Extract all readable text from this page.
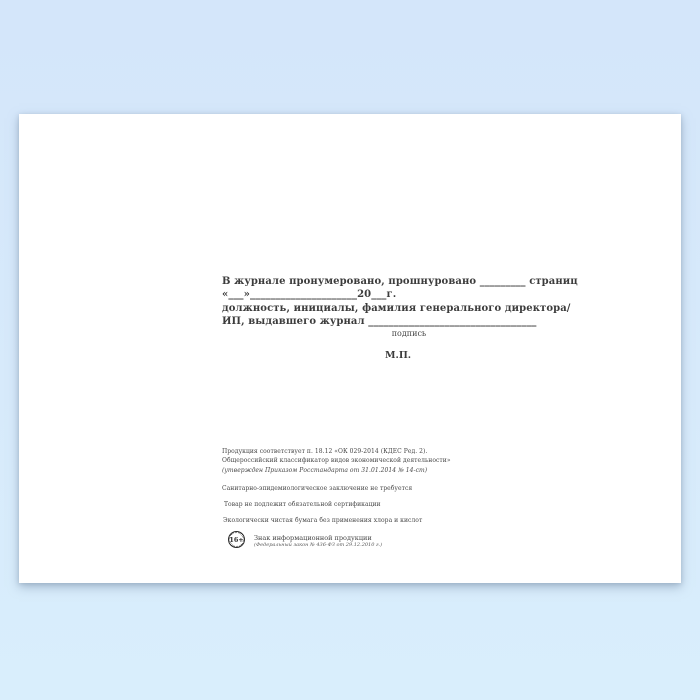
В журнале пронумеровано, прошнуровано _________ страниц
«___»_____________________20___г.
должность, инициалы, фамилия генерального директора/
ИП, выдавшего журнал _________________________________
подпись
М.П.
Продукция соответствует п. 18.12 «ОК 029-2014 (КДЕС Ред. 2).
Общероссийский классификатор видов экономической деятельности»
(утвержден Приказом Росстандарта от 31.01.2014 № 14-ст)
Санитарно-эпидемиологическое заключение не требуется
Товар не подлежит обязательной сертификации
Экологически чистая бумага без применения хлора и кислот
16+ Знак информационной продукции
(Федеральный закон № 436-ФЗ от 29.12.2010 г.)
